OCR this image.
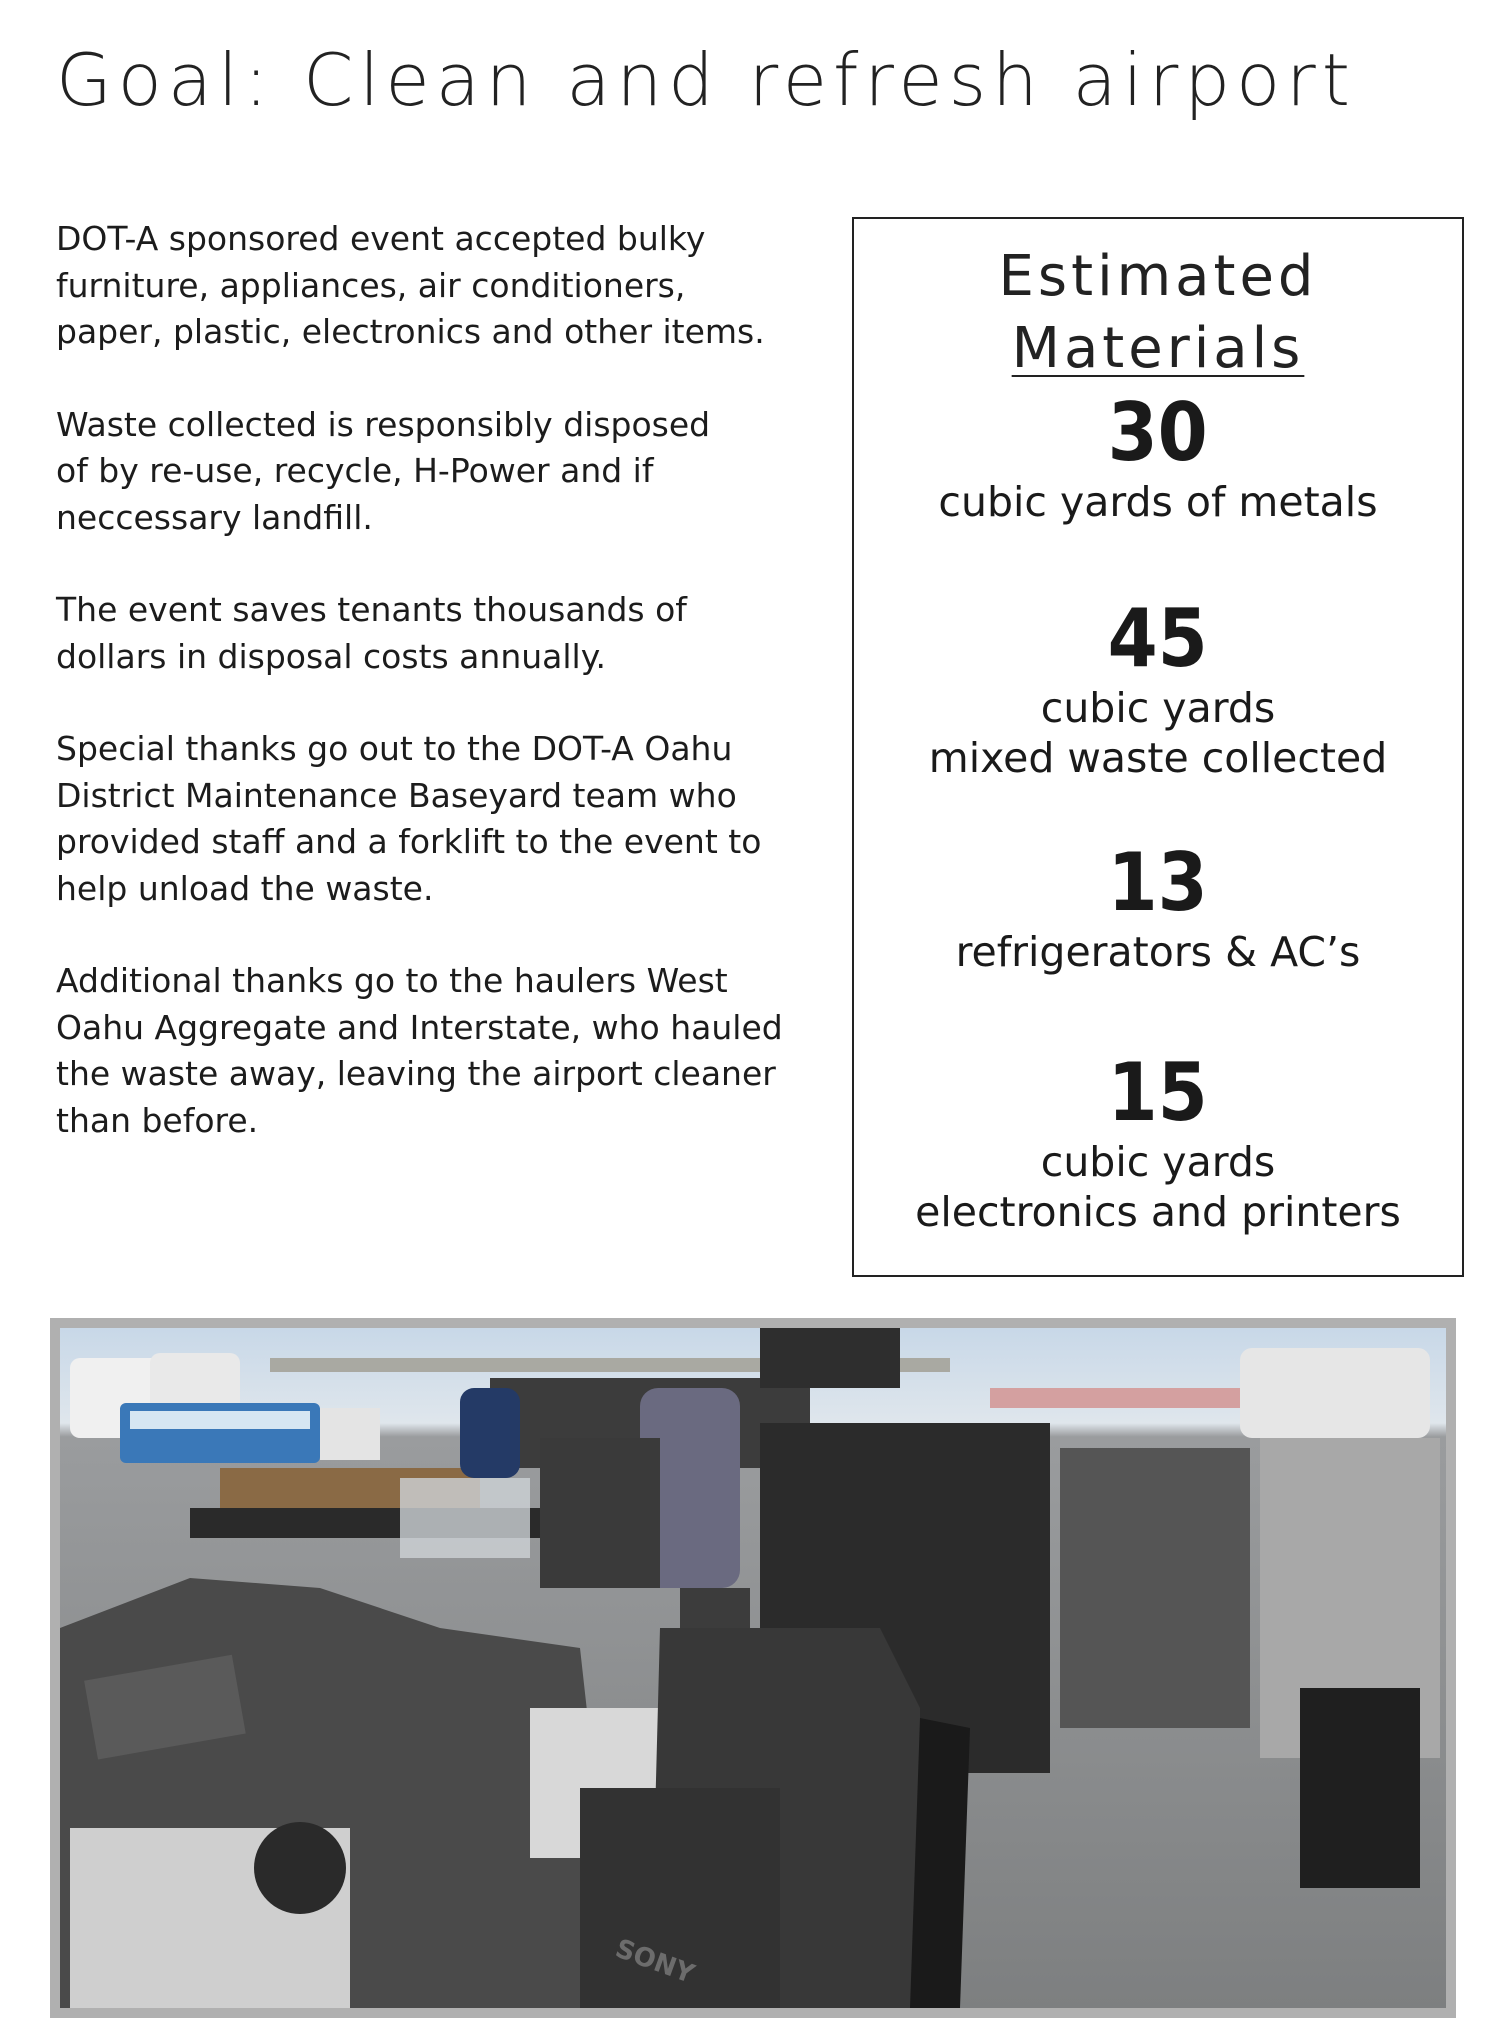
Goal: Clean and refresh airport

DOT-A sponsored event accepted bulky
furniture, appliances, air conditioners,
paper, plastic, electronics and other items.

Waste collected is responsibly disposed
of by re-use, recycle, H-Power and if
neccessary landfill.

The event saves tenants thousands of
dollars in disposal costs annually.

Special thanks go out to the DOT-A Oahu
District Maintenance Baseyard team who
provided staff and a forklift to the event to
help unload the waste.

Additional thanks go to the haulers West
Oahu Aggregate and Interstate, who hauled
the waste away, leaving the airport cleaner
than before.

Estimated
Materials
30
cubic yards of metals
45
cubic yards
mixed waste collected
13
refrigerators & AC’s
15
cubic yards
electronics and printers
SONY
